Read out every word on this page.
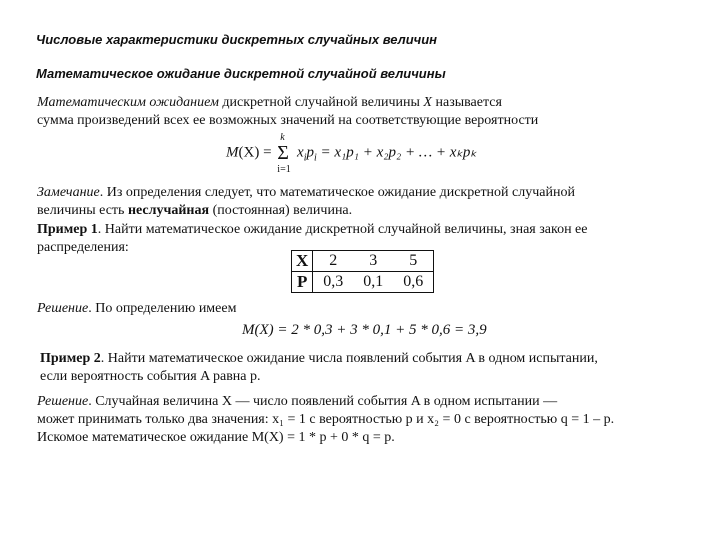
Числовые характеристики дискретных случайных величин
Математическое ожидание дискретной случайной величины
Математическим ожиданием дискретной случайной величины X называется
сумма произведений всех ее возможных значений на соответствующие вероятности
M(X) =
k
Σ
i=1
$x_ip_i = x_1p_1 + x_2p_2$ + … + xₖpₖ
Замечание. Из определения следует, что математическое ожидание дискретной случайной
величины есть неслучайная (постоянная) величина.
Пример 1. Найти математическое ожидание дискретной случайной величины, зная закон ее
распределения:
X	2	3	5
P	0,3	0,1	0,6
Решение. По определению имеем
M(X) = 2 * 0,3 + 3 * 0,1 + 5 * 0,6 = 3,9
Пример 2. Найти математическое ожидание числа появлений события A в одном испытании,
если вероятность события A равна p.
Решение. Случайная величина X — число появлений события A в одном испытании —
может принимать только два значения: x₁ = 1 с вероятностью p и x₂ = 0 с вероятностью q = 1 – p.
Искомое математическое ожидание M(X) = 1 * p + 0 * q = p.
